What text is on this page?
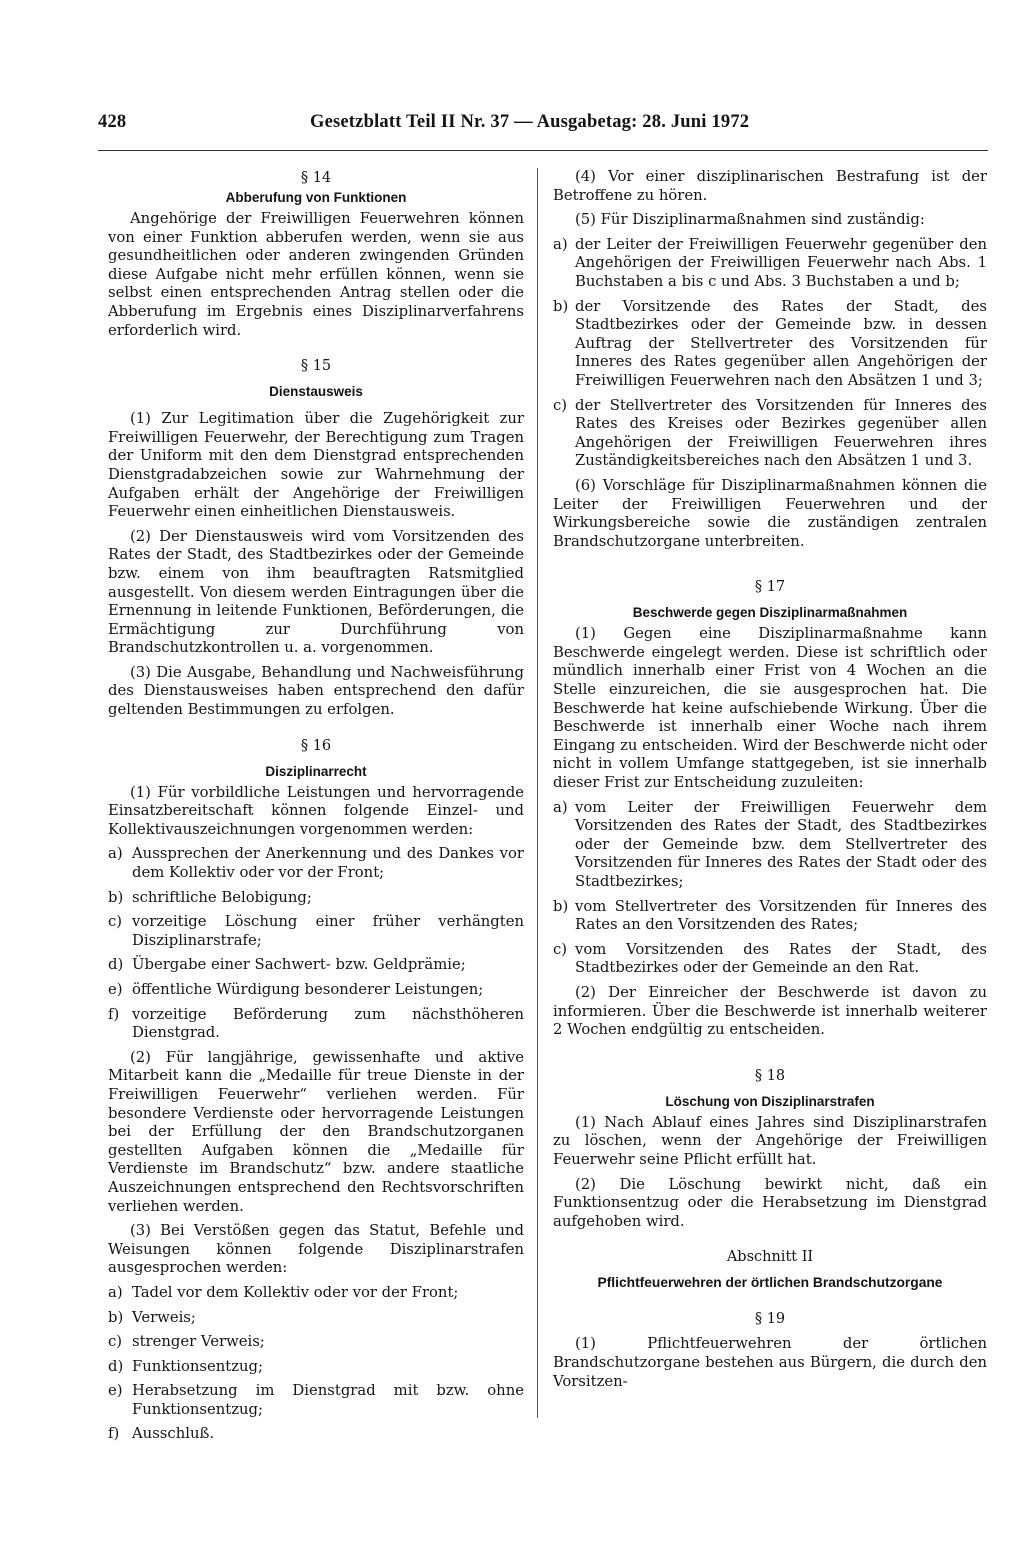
428	Gesetzblatt Teil II Nr. 37 — Ausgabetag: 28. Juni 1972

§ 14

Abberufung von Funktionen

Angehörige der Freiwilligen Feuerwehren können von einer Funktion abberufen werden, wenn sie aus gesundheitlichen oder anderen zwingenden Gründen diese Aufgabe nicht mehr erfüllen können, wenn sie selbst einen entsprechenden Antrag stellen oder die Abberufung im Ergebnis eines Disziplinarverfahrens erforderlich wird.

§ 15

Dienstausweis

(1) Zur Legitimation über die Zugehörigkeit zur Freiwilligen Feuerwehr, der Berechtigung zum Tragen der Uniform mit den dem Dienstgrad entsprechenden Dienstgradabzeichen sowie zur Wahrnehmung der Aufgaben erhält der Angehörige der Freiwilligen Feuerwehr einen einheitlichen Dienstausweis.

(2) Der Dienstausweis wird vom Vorsitzenden des Rates der Stadt, des Stadtbezirkes oder der Gemeinde bzw. einem von ihm beauftragten Ratsmitglied ausgestellt. Von diesem werden Eintragungen über die Ernennung in leitende Funktionen, Beförderungen, die Ermächtigung zur Durchführung von Brandschutzkontrollen u. a. vorgenommen.

(3) Die Ausgabe, Behandlung und Nachweisführung des Dienstausweises haben entsprechend den dafür geltenden Bestimmungen zu erfolgen.

§ 16

Disziplinarrecht

(1) Für vorbildliche Leistungen und hervorragende Einsatzbereitschaft können folgende Einzel- und Kollektivauszeichnungen vorgenommen werden:

a) Aussprechen der Anerkennung und des Dankes vor dem Kollektiv oder vor der Front;
b) schriftliche Belobigung;
c) vorzeitige Löschung einer früher verhängten Disziplinarstrafe;
d) Übergabe einer Sachwert- bzw. Geldprämie;
e) öffentliche Würdigung besonderer Leistungen;
f) vorzeitige Beförderung zum nächsthöheren Dienstgrad.

(2) Für langjährige, gewissenhafte und aktive Mitarbeit kann die „Medaille für treue Dienste in der Freiwilligen Feuerwehr“ verliehen werden. Für besondere Verdienste oder hervorragende Leistungen bei der Erfüllung der den Brandschutzorganen gestellten Aufgaben können die „Medaille für Verdienste im Brandschutz“ bzw. andere staatliche Auszeichnungen entsprechend den Rechtsvorschriften verliehen werden.

(3) Bei Verstößen gegen das Statut, Befehle und Weisungen können folgende Disziplinarstrafen ausgesprochen werden:

a) Tadel vor dem Kollektiv oder vor der Front;
b) Verweis;
c) strenger Verweis;
d) Funktionsentzug;
e) Herabsetzung im Dienstgrad mit bzw. ohne Funktionsentzug;
f) Ausschluß.

(4) Vor einer disziplinarischen Bestrafung ist der Betroffene zu hören.

(5) Für Disziplinarmaßnahmen sind zuständig:

a) der Leiter der Freiwilligen Feuerwehr gegenüber den Angehörigen der Freiwilligen Feuerwehr nach Abs. 1 Buchstaben a bis c und Abs. 3 Buchstaben a und b;
b) der Vorsitzende des Rates der Stadt, des Stadtbezirkes oder der Gemeinde bzw. in dessen Auftrag der Stellvertreter des Vorsitzenden für Inneres des Rates gegenüber allen Angehörigen der Freiwilligen Feuerwehren nach den Absätzen 1 und 3;
c) der Stellvertreter des Vorsitzenden für Inneres des Rates des Kreises oder Bezirkes gegenüber allen Angehörigen der Freiwilligen Feuerwehren ihres Zuständigkeitsbereiches nach den Absätzen 1 und 3.

(6) Vorschläge für Disziplinarmaßnahmen können die Leiter der Freiwilligen Feuerwehren und der Wirkungsbereiche sowie die zuständigen zentralen Brandschutzorgane unterbreiten.

§ 17

Beschwerde gegen Disziplinarmaßnahmen

(1) Gegen eine Disziplinarmaßnahme kann Beschwerde eingelegt werden. Diese ist schriftlich oder mündlich innerhalb einer Frist von 4 Wochen an die Stelle einzureichen, die sie ausgesprochen hat. Die Beschwerde hat keine aufschiebende Wirkung. Über die Beschwerde ist innerhalb einer Woche nach ihrem Eingang zu entscheiden. Wird der Beschwerde nicht oder nicht in vollem Umfange stattgegeben, ist sie innerhalb dieser Frist zur Entscheidung zuzuleiten:

a) vom Leiter der Freiwilligen Feuerwehr dem Vorsitzenden des Rates der Stadt, des Stadtbezirkes oder der Gemeinde bzw. dem Stellvertreter des Vorsitzenden für Inneres des Rates der Stadt oder des Stadtbezirkes;
b) vom Stellvertreter des Vorsitzenden für Inneres des Rates an den Vorsitzenden des Rates;
c) vom Vorsitzenden des Rates der Stadt, des Stadtbezirkes oder der Gemeinde an den Rat.

(2) Der Einreicher der Beschwerde ist davon zu informieren. Über die Beschwerde ist innerhalb weiterer 2 Wochen endgültig zu entscheiden.

§ 18

Löschung von Disziplinarstrafen

(1) Nach Ablauf eines Jahres sind Disziplinarstrafen zu löschen, wenn der Angehörige der Freiwilligen Feuerwehr seine Pflicht erfüllt hat.

(2) Die Löschung bewirkt nicht, daß ein Funktionsentzug oder die Herabsetzung im Dienstgrad aufgehoben wird.

Abschnitt II

Pflichtfeuerwehren der örtlichen Brandschutzorgane

§ 19

(1) Pflichtfeuerwehren der örtlichen Brandschutzorgane bestehen aus Bürgern, die durch den Vorsitzen-
